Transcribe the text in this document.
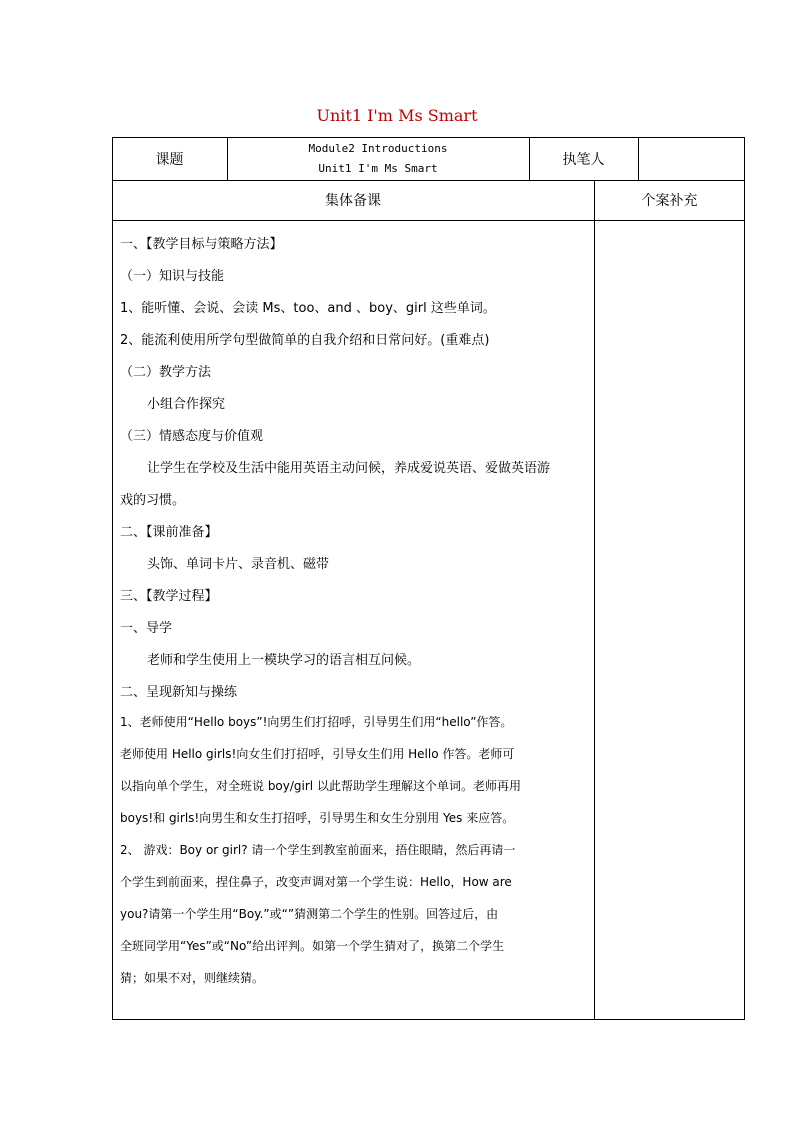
Unit1 I'm Ms Smart
课题
Module2 Introductions
Unit1 I'm Ms Smart
执笔人
集体备课	个案补充
一、【教学目标与策略方法】
（一）知识与技能
1、能听懂、会说、会读 Ms、too、and 、boy、girl 这些单词。
2、能流利使用所学句型做简单的自我介绍和日常问好。(重难点)
（二）教学方法
小组合作探究
（三）情感态度与价值观
让学生在学校及生活中能用英语主动问候，养成爱说英语、爱做英语游
戏的习惯。
二、【课前准备】
头饰、单词卡片、录音机、磁带
三、【教学过程】
一、导学
老师和学生使用上一模块学习的语言相互问候。
二、呈现新知与操练
1、老师使用“Hello boys”!向男生们打招呼，引导男生们用“hello”作答。
老师使用 Hello girls!向女生们打招呼，引导女生们用 Hello 作答。老师可
以指向单个学生，对全班说 boy/girl 以此帮助学生理解这个单词。老师再用
boys!和 girls!向男生和女生打招呼，引导男生和女生分别用 Yes 来应答。
2、 游戏：Boy or girl? 请一个学生到教室前面来，捂住眼睛，然后再请一
个学生到前面来，捏住鼻子，改变声调对第一个学生说：Hello，How are
you?请第一个学生用“Boy.”或“”猜测第二个学生的性别。回答过后，由
全班同学用“Yes”或“No”给出评判。如第一个学生猜对了，换第二个学生
猜；如果不对，则继续猜。
